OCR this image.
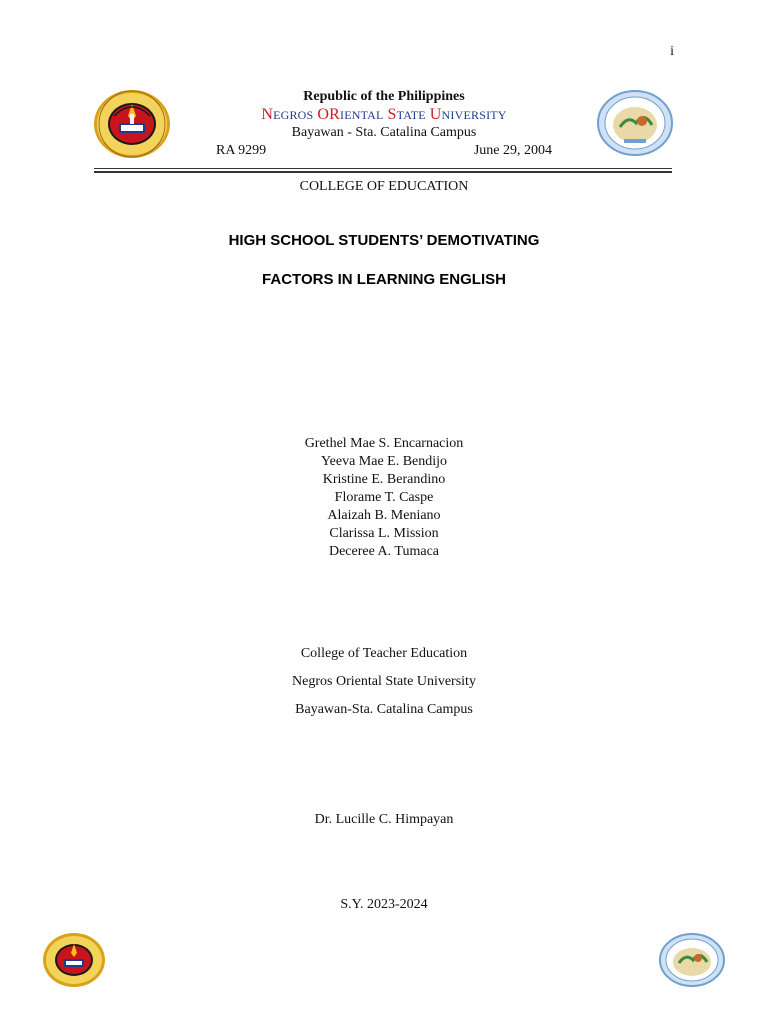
i
Republic of the Philippines
NEGROS ORIENTAL STATE UNIVERSITY
Bayawan - Sta. Catalina Campus
RA 9299	June 29, 2004
COLLEGE OF EDUCATION
HIGH SCHOOL STUDENTS’ DEMOTIVATING
FACTORS IN LEARNING ENGLISH
Grethel Mae S. Encarnacion
Yeeva Mae E. Bendijo
Kristine E. Berandino
Florame T. Caspe
Alaizah B. Meniano
Clarissa L. Mission
Deceree A. Tumaca
College of Teacher Education
Negros Oriental State University
Bayawan-Sta. Catalina Campus
Dr. Lucille C. Himpayan
S.Y. 2023-2024
